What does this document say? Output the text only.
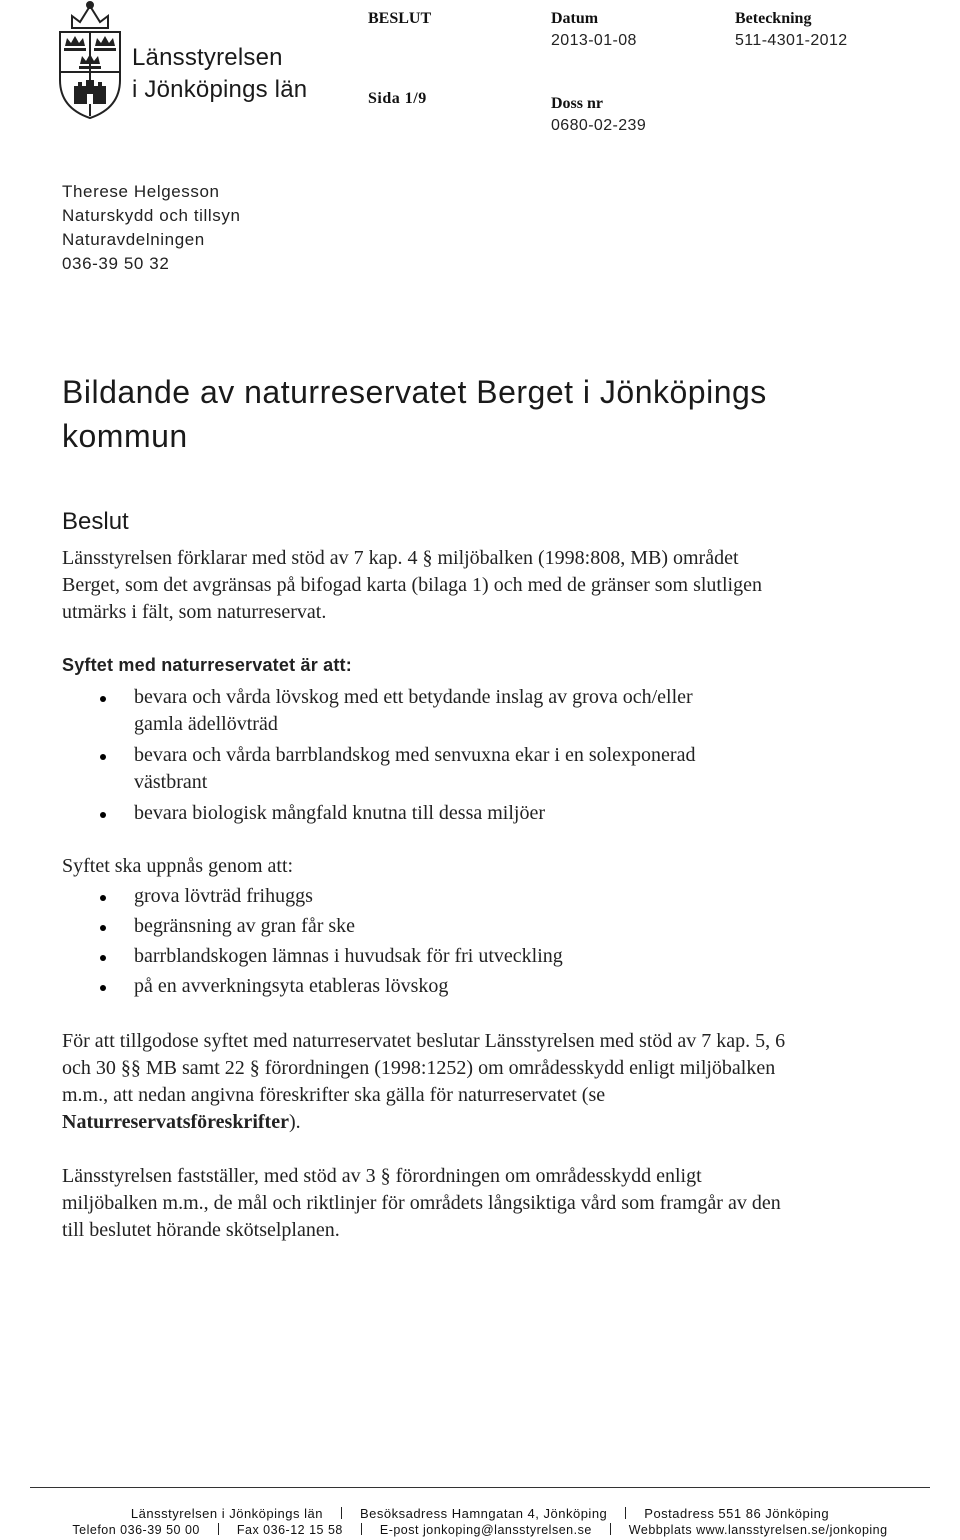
Länsstyrelsen
i Jönköpings län
BESLUT
Sida 1/9
Datum
2013-01-08
Doss nr
0680-02-239
Beteckning
511-4301-2012
Therese Helgesson
Naturskydd och tillsyn
Naturavdelningen
036-39 50 32
Bildande av naturreservatet Berget i Jönköpings kommun
Beslut

Länsstyrelsen förklarar med stöd av 7 kap. 4 § miljöbalken (1998:808, MB) området Berget, som det avgränsas på bifogad karta (bilaga 1) och med de gränser som slutligen utmärks i fält, som naturreservat.

Syftet med naturreservatet är att:
bevara och vårda lövskog med ett betydande inslag av grova och/eller gamla ädellövträd
bevara och vårda barrblandskog med senvuxna ekar i en solexponerad västbrant
bevara biologisk mångfald knutna till dessa miljöer
Syftet ska uppnås genom att:
grova lövträd frihuggs
begränsning av gran får ske
barrblandskogen lämnas i huvudsak för fri utveckling
på en avverkningsyta etableras lövskog

För att tillgodose syftet med naturreservatet beslutar Länsstyrelsen med stöd av 7 kap. 5, 6 och 30 §§ MB samt 22 § förordningen (1998:1252) om områdesskydd enligt miljöbalken m.m., att nedan angivna föreskrifter ska gälla för naturreservatet (se Naturreservatsföreskrifter).

Länsstyrelsen fastställer, med stöd av 3 § förordningen om områdesskydd enligt miljöbalken m.m., de mål och riktlinjer för områdets långsiktiga vård som framgår av den till beslutet hörande skötselplanen.

Länsstyrelsen i Jönköpings län	Besöksadress Hamngatan 4, Jönköping	Postadress 551 86 Jönköping
Telefon 036-39 50 00	Fax 036-12 15 58	E-post jonkoping@lansstyrelsen.se	Webbplats www.lansstyrelsen.se/jonkoping
